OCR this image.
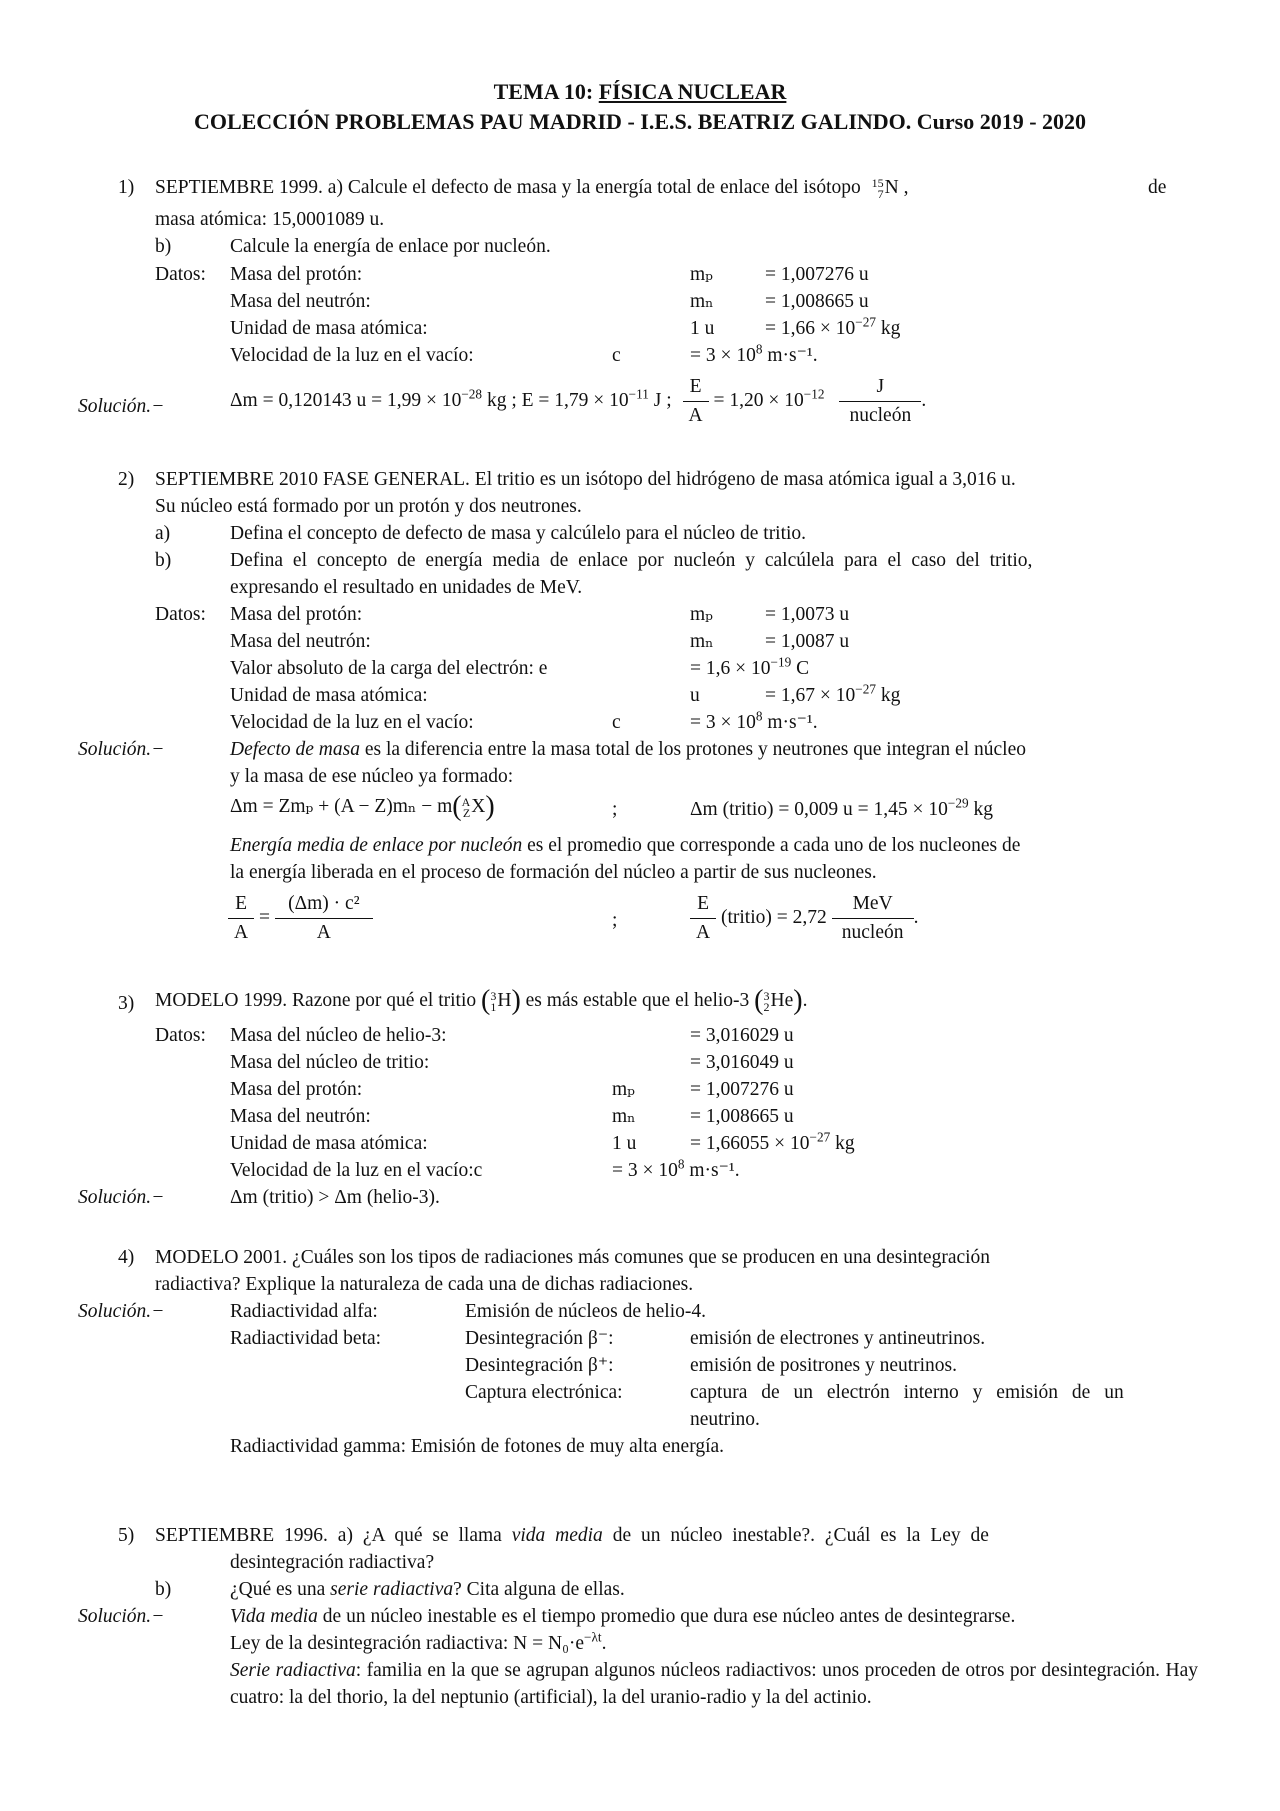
TEMA 10: FÍSICA NUCLEAR
COLECCIÓN PROBLEMAS PAU MADRID - I.E.S. BEATRIZ GALINDO. Curso 2019 - 2020
1) SEPTIEMBRE 1999. a) Calcule el defecto de masa y la energía total de enlace del isótopo 15
7 N ,	de
masa atómica: 15,0001089 u.
b)	Calcule la energía de enlace por nucleón.
Datos: Masa del protón:	mₚ	= 1,007276 u
Masa del neutrón:	mₙ	= 1,008665 u
Unidad de masa atómica:	1 u	= $1,66 \times 10^{-27}$ kg
Velocidad de la luz en el vacío:	c	= $3 \times 10^8$ m·s⁻¹.
Solución.−	Δm = 0,120143 $u = 1,99 \times 10^{-28}$ kg ; $E = 1,79 \times 10^{-11}$ J ; $\frac{E}{A} = 1,20 \times 10^{-12} \frac{J}{\text{nucleón}}$ .
2) SEPTIEMBRE 2010 FASE GENERAL. El tritio es un isótopo del hidrógeno de masa atómica igual a 3,016 u.
Su núcleo está formado por un protón y dos neutrones.
a)	Defina el concepto de defecto de masa y calcúlelo para el núcleo de tritio.
b)	Defina el concepto de energía media de enlace por nucleón y calcúlela para el caso del tritio,
expresando el resultado en unidades de MeV.
Datos: Masa del protón:	mₚ	= 1,0073 u
Masa del neutrón:	mₙ	= 1,0087 u
Valor absoluto de la carga del electrón: e	= $1,6 \times 10^{-19}$ C
Unidad de masa atómica:	u	= $1,67 \times 10^{-27}$ kg
Velocidad de la luz en el vacío:	c	= $3 \times 10^8$ m·s⁻¹.
Solución.−	Defecto de masa es la diferencia entre la masa total de los protones y neutrones que integran el núcleo
y la masa de ese núcleo ya formado:
Δm = Zmₚ + (A − Z)mₙ − m( A
Z X)	;	Δm (tritio) = 0,009 $u = 1,45 \times 10^{-29}$ kg
Energía media de enlace por nucleón es el promedio que corresponde a cada uno de los nucleones de
la energía liberada en el proceso de formación del núcleo a partir de sus nucleones.
$\frac{E}{A} = \frac{\text{(Δm) · c²}}{A}$	;	$\frac{E}{A}$ (tritio) = $2,72 \frac{\text{MeV}}{\text{nucleón}}$ .
3) MODELO 1999. Razone por qué el tritio ( 3
1 H) es más estable que el helio-3 ( 3
2 He).
Datos: Masa del núcleo de helio-3:	= 3,016029 u
Masa del núcleo de tritio:	= 3,016049 u
Masa del protón:	mₚ	= 1,007276 u
Masa del neutrón:	mₙ	= 1,008665 u
Unidad de masa atómica:	1 u	= $1,66055 \times 10^{-27}$ kg
Velocidad de la luz en el vacío:c	= $3 \times 10^8$ m·s⁻¹.
Solución.−	Δm (tritio) > Δm (helio-3).
4) MODELO 2001. ¿Cuáles son los tipos de radiaciones más comunes que se producen en una desintegración
radiactiva? Explique la naturaleza de cada una de dichas radiaciones.
Solución.−	Radiactividad alfa:	Emisión de núcleos de helio-4.
Radiactividad beta:	Desintegración β⁻:	emisión de electrones y antineutrinos.
Desintegración β⁺:	emisión de positrones y neutrinos.
Captura electrónica:	captura de un electrón interno y emisión de un
neutrino.
Radiactividad gamma: Emisión de fotones de muy alta energía.
5) SEPTIEMBRE 1996. a) ¿A qué se llama vida media de un núcleo inestable?. ¿Cuál es la Ley de
desintegración radiactiva?
b)	¿Qué es una serie radiactiva? Cita alguna de ellas.
Solución.−	Vida media de un núcleo inestable es el tiempo promedio que dura ese núcleo antes de desintegrarse.
Ley de la desintegración radiactiva: $N = N_0\cdot e^{-\lambda t}$.
Serie radiactiva: familia en la que se agrupan algunos núcleos radiactivos: unos proceden de otros por desintegración. Hay cuatro: la del thorio, la del neptunio (artificial), la del uranio-radio y la del actinio.
